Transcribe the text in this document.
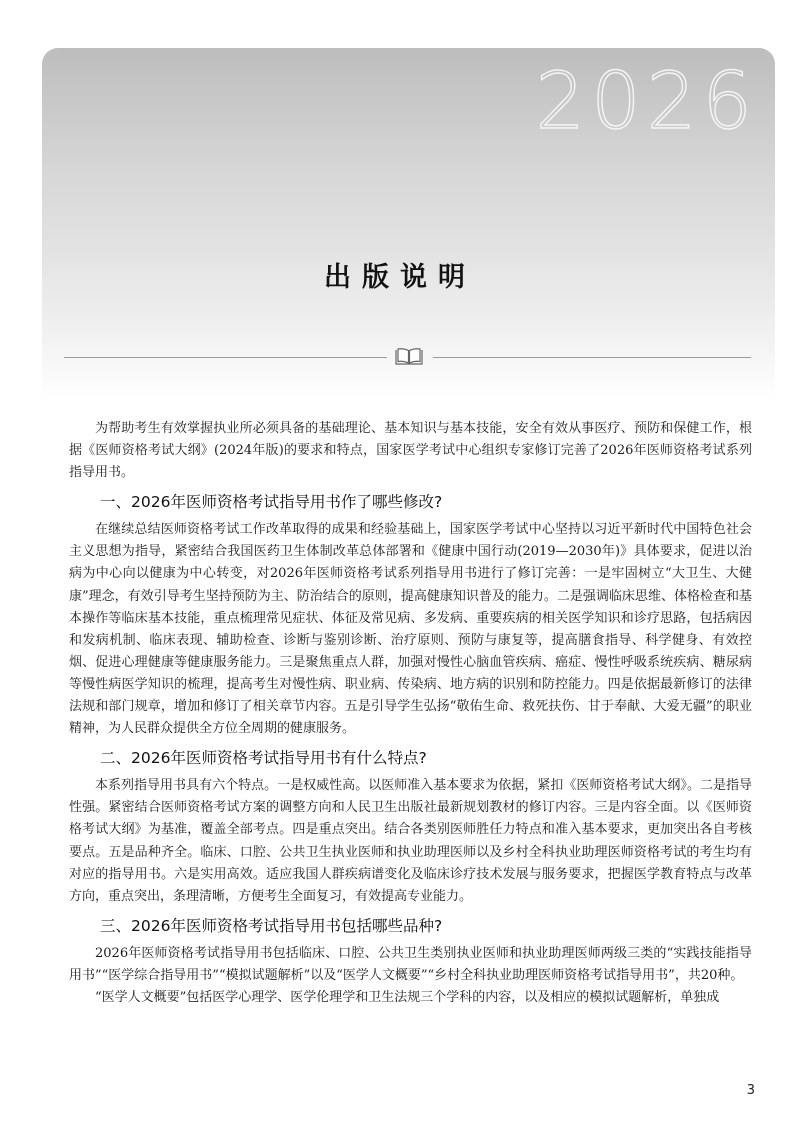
2026
出版说明

为帮助考生有效掌握执业所必须具备的基础理论、基本知识与基本技能，安全有效从事医疗、预防和保健工作，根据《医师资格考试大纲》(2024年版)的要求和特点，国家医学考试中心组织专家修订完善了2026年医师资格考试系列指导用书。

一、2026年医师资格考试指导用书作了哪些修改?

在继续总结医师资格考试工作改革取得的成果和经验基础上，国家医学考试中心坚持以习近平新时代中国特色社会主义思想为指导，紧密结合我国医药卫生体制改革总体部署和《健康中国行动(2019—2030年)》具体要求，促进以治病为中心向以健康为中心转变，对2026年医师资格考试系列指导用书进行了修订完善：一是牢固树立“大卫生、大健康”理念，有效引导考生坚持预防为主、防治结合的原则，提高健康知识普及的能力。二是强调临床思维、体格检查和基本操作等临床基本技能，重点梳理常见症状、体征及常见病、多发病、重要疾病的相关医学知识和诊疗思路，包括病因和发病机制、临床表现、辅助检查、诊断与鉴别诊断、治疗原则、预防与康复等，提高膳食指导、科学健身、有效控烟、促进心理健康等健康服务能力。三是聚焦重点人群，加强对慢性心脑血管疾病、癌症、慢性呼吸系统疾病、糖尿病等慢性病医学知识的梳理，提高考生对慢性病、职业病、传染病、地方病的识别和防控能力。四是依据最新修订的法律法规和部门规章，增加和修订了相关章节内容。五是引导学生弘扬“敬佑生命、救死扶伤、甘于奉献、大爱无疆”的职业精神，为人民群众提供全方位全周期的健康服务。

二、2026年医师资格考试指导用书有什么特点?

本系列指导用书具有六个特点。一是权威性高。以医师准入基本要求为依据，紧扣《医师资格考试大纲》。二是指导性强。紧密结合医师资格考试方案的调整方向和人民卫生出版社最新规划教材的修订内容。三是内容全面。以《医师资格考试大纲》为基准，覆盖全部考点。四是重点突出。结合各类别医师胜任力特点和准入基本要求，更加突出各自考核要点。五是品种齐全。临床、口腔、公共卫生执业医师和执业助理医师以及乡村全科执业助理医师资格考试的考生均有对应的指导用书。六是实用高效。适应我国人群疾病谱变化及临床诊疗技术发展与服务要求，把握医学教育特点与改革方向，重点突出，条理清晰，方便考生全面复习，有效提高专业能力。

三、2026年医师资格考试指导用书包括哪些品种?

2026年医师资格考试指导用书包括临床、口腔、公共卫生类别执业医师和执业助理医师两级三类的“实践技能指导用书”“医学综合指导用书”“模拟试题解析”以及“医学人文概要”“乡村全科执业助理医师资格考试指导用书”，共20种。

“医学人文概要”包括医学心理学、医学伦理学和卫生法规三个学科的内容，以及相应的模拟试题解析，单独成

3
